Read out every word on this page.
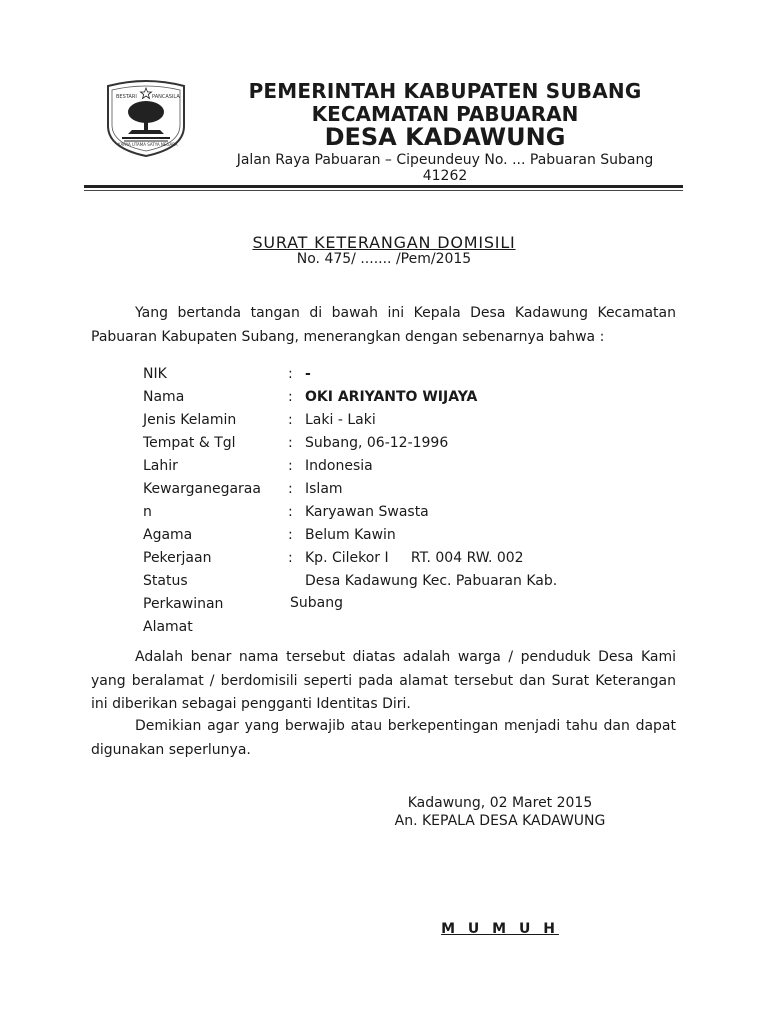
BESTARI	PANCASILA
KARYA UTAMA SATYA NEGARA
PEMERINTAH KABUPATEN SUBANG
KECAMATAN PABUARAN
DESA KADAWUNG
Jalan Raya Pabuaran – Cipeundeuy No. ... Pabuaran Subang
41262
SURAT KETERANGAN DOMISILI
No. 475/ ....... /Pem/2015
Yang bertanda tangan di bawah ini Kepala Desa Kadawung Kecamatan Pabuaran Kabupaten Subang, menerangkan dengan sebenarnya bahwa :
NIK
Nama
Jenis Kelamin
Tempat & Tgl
Lahir
Kewarganegaraa
n
Agama
Pekerjaan
Status
Perkawinan
Alamat
:
:
:
:
:
:
:
:
:
-
OKI ARIYANTO WIJAYA
Laki - Laki
Subang, 06-12-1996
Indonesia
Islam
Karyawan Swasta
Belum Kawin
Kp. Cilekor I     RT. 004 RW. 002
Desa Kadawung Kec. Pabuaran Kab.
Subang
Adalah benar nama tersebut diatas adalah warga / penduduk Desa Kami yang beralamat / berdomisili seperti pada alamat tersebut dan Surat Keterangan ini diberikan sebagai pengganti Identitas Diri.
Demikian agar yang berwajib atau berkepentingan menjadi tahu dan dapat digunakan seperlunya.
Kadawung, 02 Maret 2015
An. KEPALA DESA KADAWUNG
M U M U H
